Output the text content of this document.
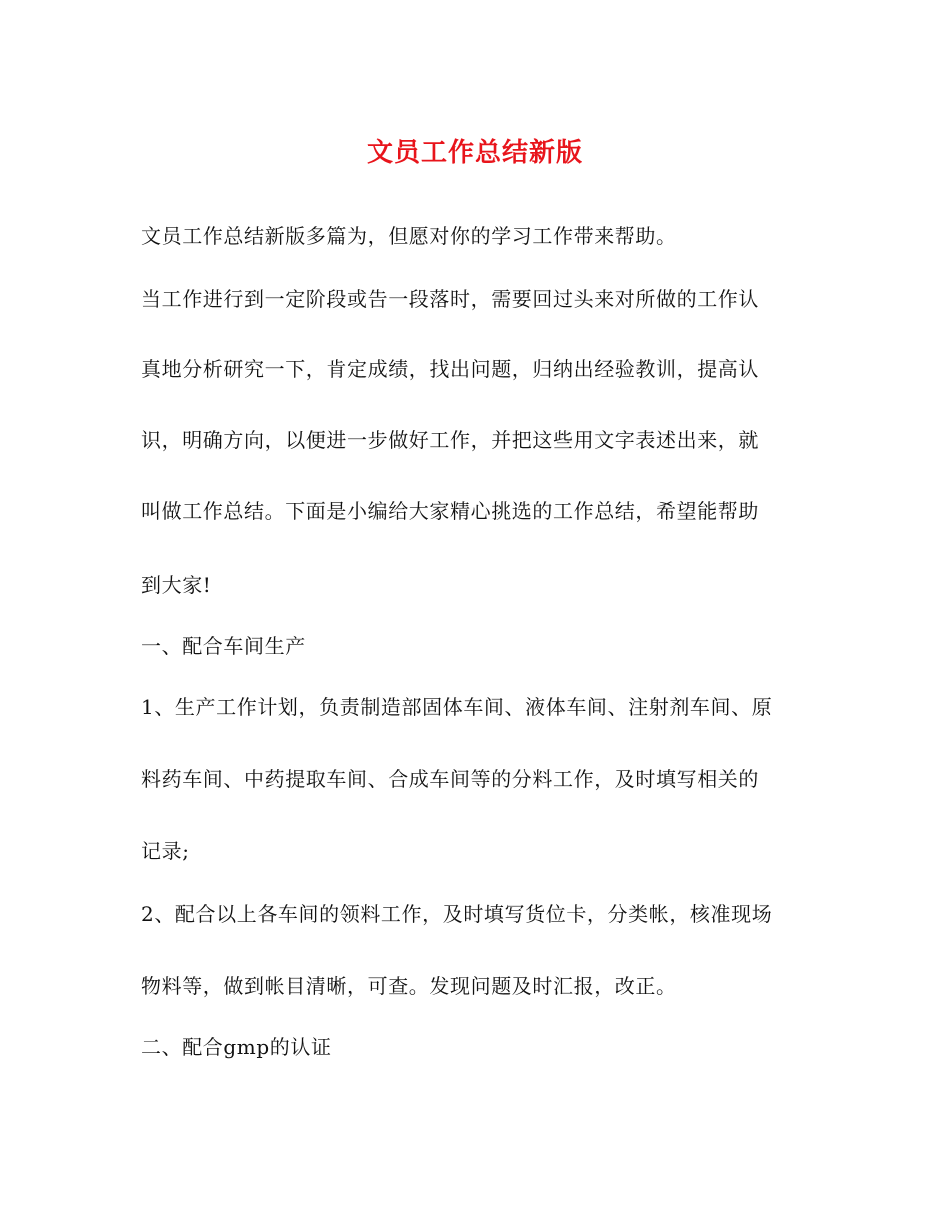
文员工作总结新版
文员工作总结新版多篇为，但愿对你的学习工作带来帮助。
当工作进行到一定阶段或告一段落时，需要回过头来对所做的工作认
真地分析研究一下，肯定成绩，找出问题，归纳出经验教训，提高认
识，明确方向，以便进一步做好工作，并把这些用文字表述出来，就
叫做工作总结。下面是小编给大家精心挑选的工作总结，希望能帮助
到大家!
一、配合车间生产
1、生产工作计划，负责制造部固体车间、液体车间、注射剂车间、原
料药车间、中药提取车间、合成车间等的分料工作，及时填写相关的
记录;
2、配合以上各车间的领料工作，及时填写货位卡，分类帐，核准现场
物料等，做到帐目清晰，可查。发现问题及时汇报，改正。
二、配合gmp的认证
